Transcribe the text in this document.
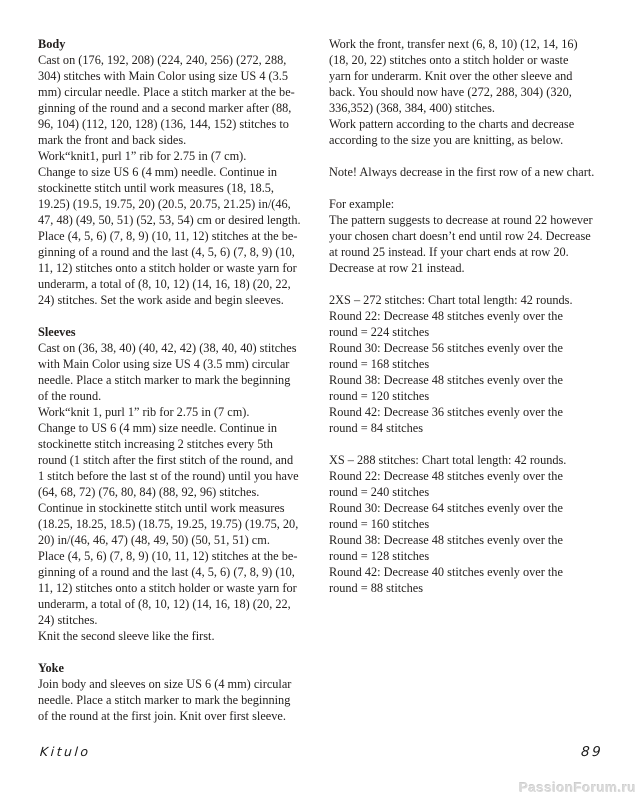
Body
Cast on (176, 192, 208) (224, 240, 256) (272, 288,
304) stitches with Main Color using size US 4 (3.5
mm) circular needle. Place a stitch marker at the be-
ginning of the round and a second marker after (88,
96, 104) (112, 120, 128) (136, 144, 152) stitches to
mark the front and back sides.
Work“knit1, purl 1” rib for 2.75 in (7 cm).
Change to size US 6 (4 mm) needle. Continue in
stockinette stitch until work measures (18, 18.5,
19.25) (19.5, 19.75, 20) (20.5, 20.75, 21.25) in/(46,
47, 48) (49, 50, 51) (52, 53, 54) cm or desired length.
Place (4, 5, 6) (7, 8, 9) (10, 11, 12) stitches at the be-
ginning of a round and the last (4, 5, 6) (7, 8, 9) (10,
11, 12) stitches onto a stitch holder or waste yarn for
underarm, a total of (8, 10, 12) (14, 16, 18) (20, 22,
24) stitches. Set the work aside and begin sleeves.
Sleeves
Cast on (36, 38, 40) (40, 42, 42) (38, 40, 40) stitches
with Main Color using size US 4 (3.5 mm) circular
needle. Place a stitch marker to mark the beginning
of the round.
Work“knit 1, purl 1” rib for 2.75 in (7 cm).
Change to US 6 (4 mm) size needle. Continue in
stockinette stitch increasing 2 stitches every 5th
round (1 stitch after the first stitch of the round, and
1 stitch before the last st of the round) until you have
(64, 68, 72) (76, 80, 84) (88, 92, 96) stitches.
Continue in stockinette stitch until work measures
(18.25, 18.25, 18.5) (18.75, 19.25, 19.75) (19.75, 20,
20) in/(46, 46, 47) (48, 49, 50) (50, 51, 51) cm.
Place (4, 5, 6) (7, 8, 9) (10, 11, 12) stitches at the be-
ginning of a round and the last (4, 5, 6) (7, 8, 9) (10,
11, 12) stitches onto a stitch holder or waste yarn for
underarm, a total of (8, 10, 12) (14, 16, 18) (20, 22,
24) stitches.
Knit the second sleeve like the first.
Yoke
Join body and sleeves on size US 6 (4 mm) circular
needle. Place a stitch marker to mark the beginning
of the round at the first join. Knit over first sleeve.
Work the front, transfer next (6, 8, 10) (12, 14, 16)
(18, 20, 22) stitches onto a stitch holder or waste
yarn for underarm. Knit over the other sleeve and
back. You should now have (272, 288, 304) (320,
336,352) (368, 384, 400) stitches.
Work pattern according to the charts and decrease
according to the size you are knitting, as below.
Note! Always decrease in the first row of a new chart.
For example:
The pattern suggests to decrease at round 22 however
your chosen chart doesn’t end until row 24. Decrease
at round 25 instead. If your chart ends at row 20.
Decrease at row 21 instead.
2XS – 272 stitches: Chart total length: 42 rounds.
Round 22: Decrease 48 stitches evenly over the
round = 224 stitches
Round 30: Decrease 56 stitches evenly over the
round = 168 stitches
Round 38: Decrease 48 stitches evenly over the
round = 120 stitches
Round 42: Decrease 36 stitches evenly over the
round = 84 stitches
XS – 288 stitches: Chart total length: 42 rounds.
Round 22: Decrease 48 stitches evenly over the
round = 240 stitches
Round 30: Decrease 64 stitches evenly over the
round = 160 stitches
Round 38: Decrease 48 stitches evenly over the
round = 128 stitches
Round 42: Decrease 40 stitches evenly over the
round = 88 stitches
Kitulo	89
PassionForum.ru
